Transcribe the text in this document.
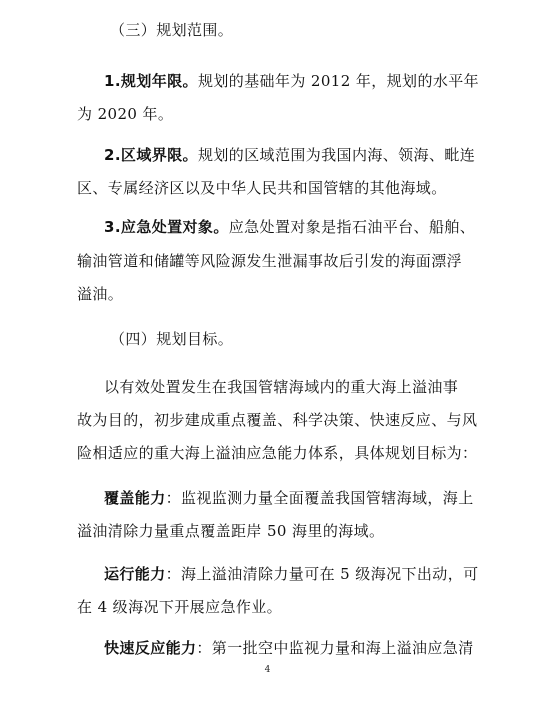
（三）规划范围。
1.规划年限。规划的基础年为 2012 年，规划的水平年
为 2020 年。
2.区域界限。规划的区域范围为我国内海、领海、毗连
区、专属经济区以及中华人民共和国管辖的其他海域。
3.应急处置对象。应急处置对象是指石油平台、船舶、
输油管道和储罐等风险源发生泄漏事故后引发的海面漂浮
溢油。
（四）规划目标。
以有效处置发生在我国管辖海域内的重大海上溢油事
故为目的，初步建成重点覆盖、科学决策、快速反应、与风
险相适应的重大海上溢油应急能力体系，具体规划目标为：
覆盖能力：监视监测力量全面覆盖我国管辖海域，海上
溢油清除力量重点覆盖距岸 50 海里的海域。
运行能力：海上溢油清除力量可在 5 级海况下出动，可
在 4 级海况下开展应急作业。
快速反应能力：第一批空中监视力量和海上溢油应急清
4
